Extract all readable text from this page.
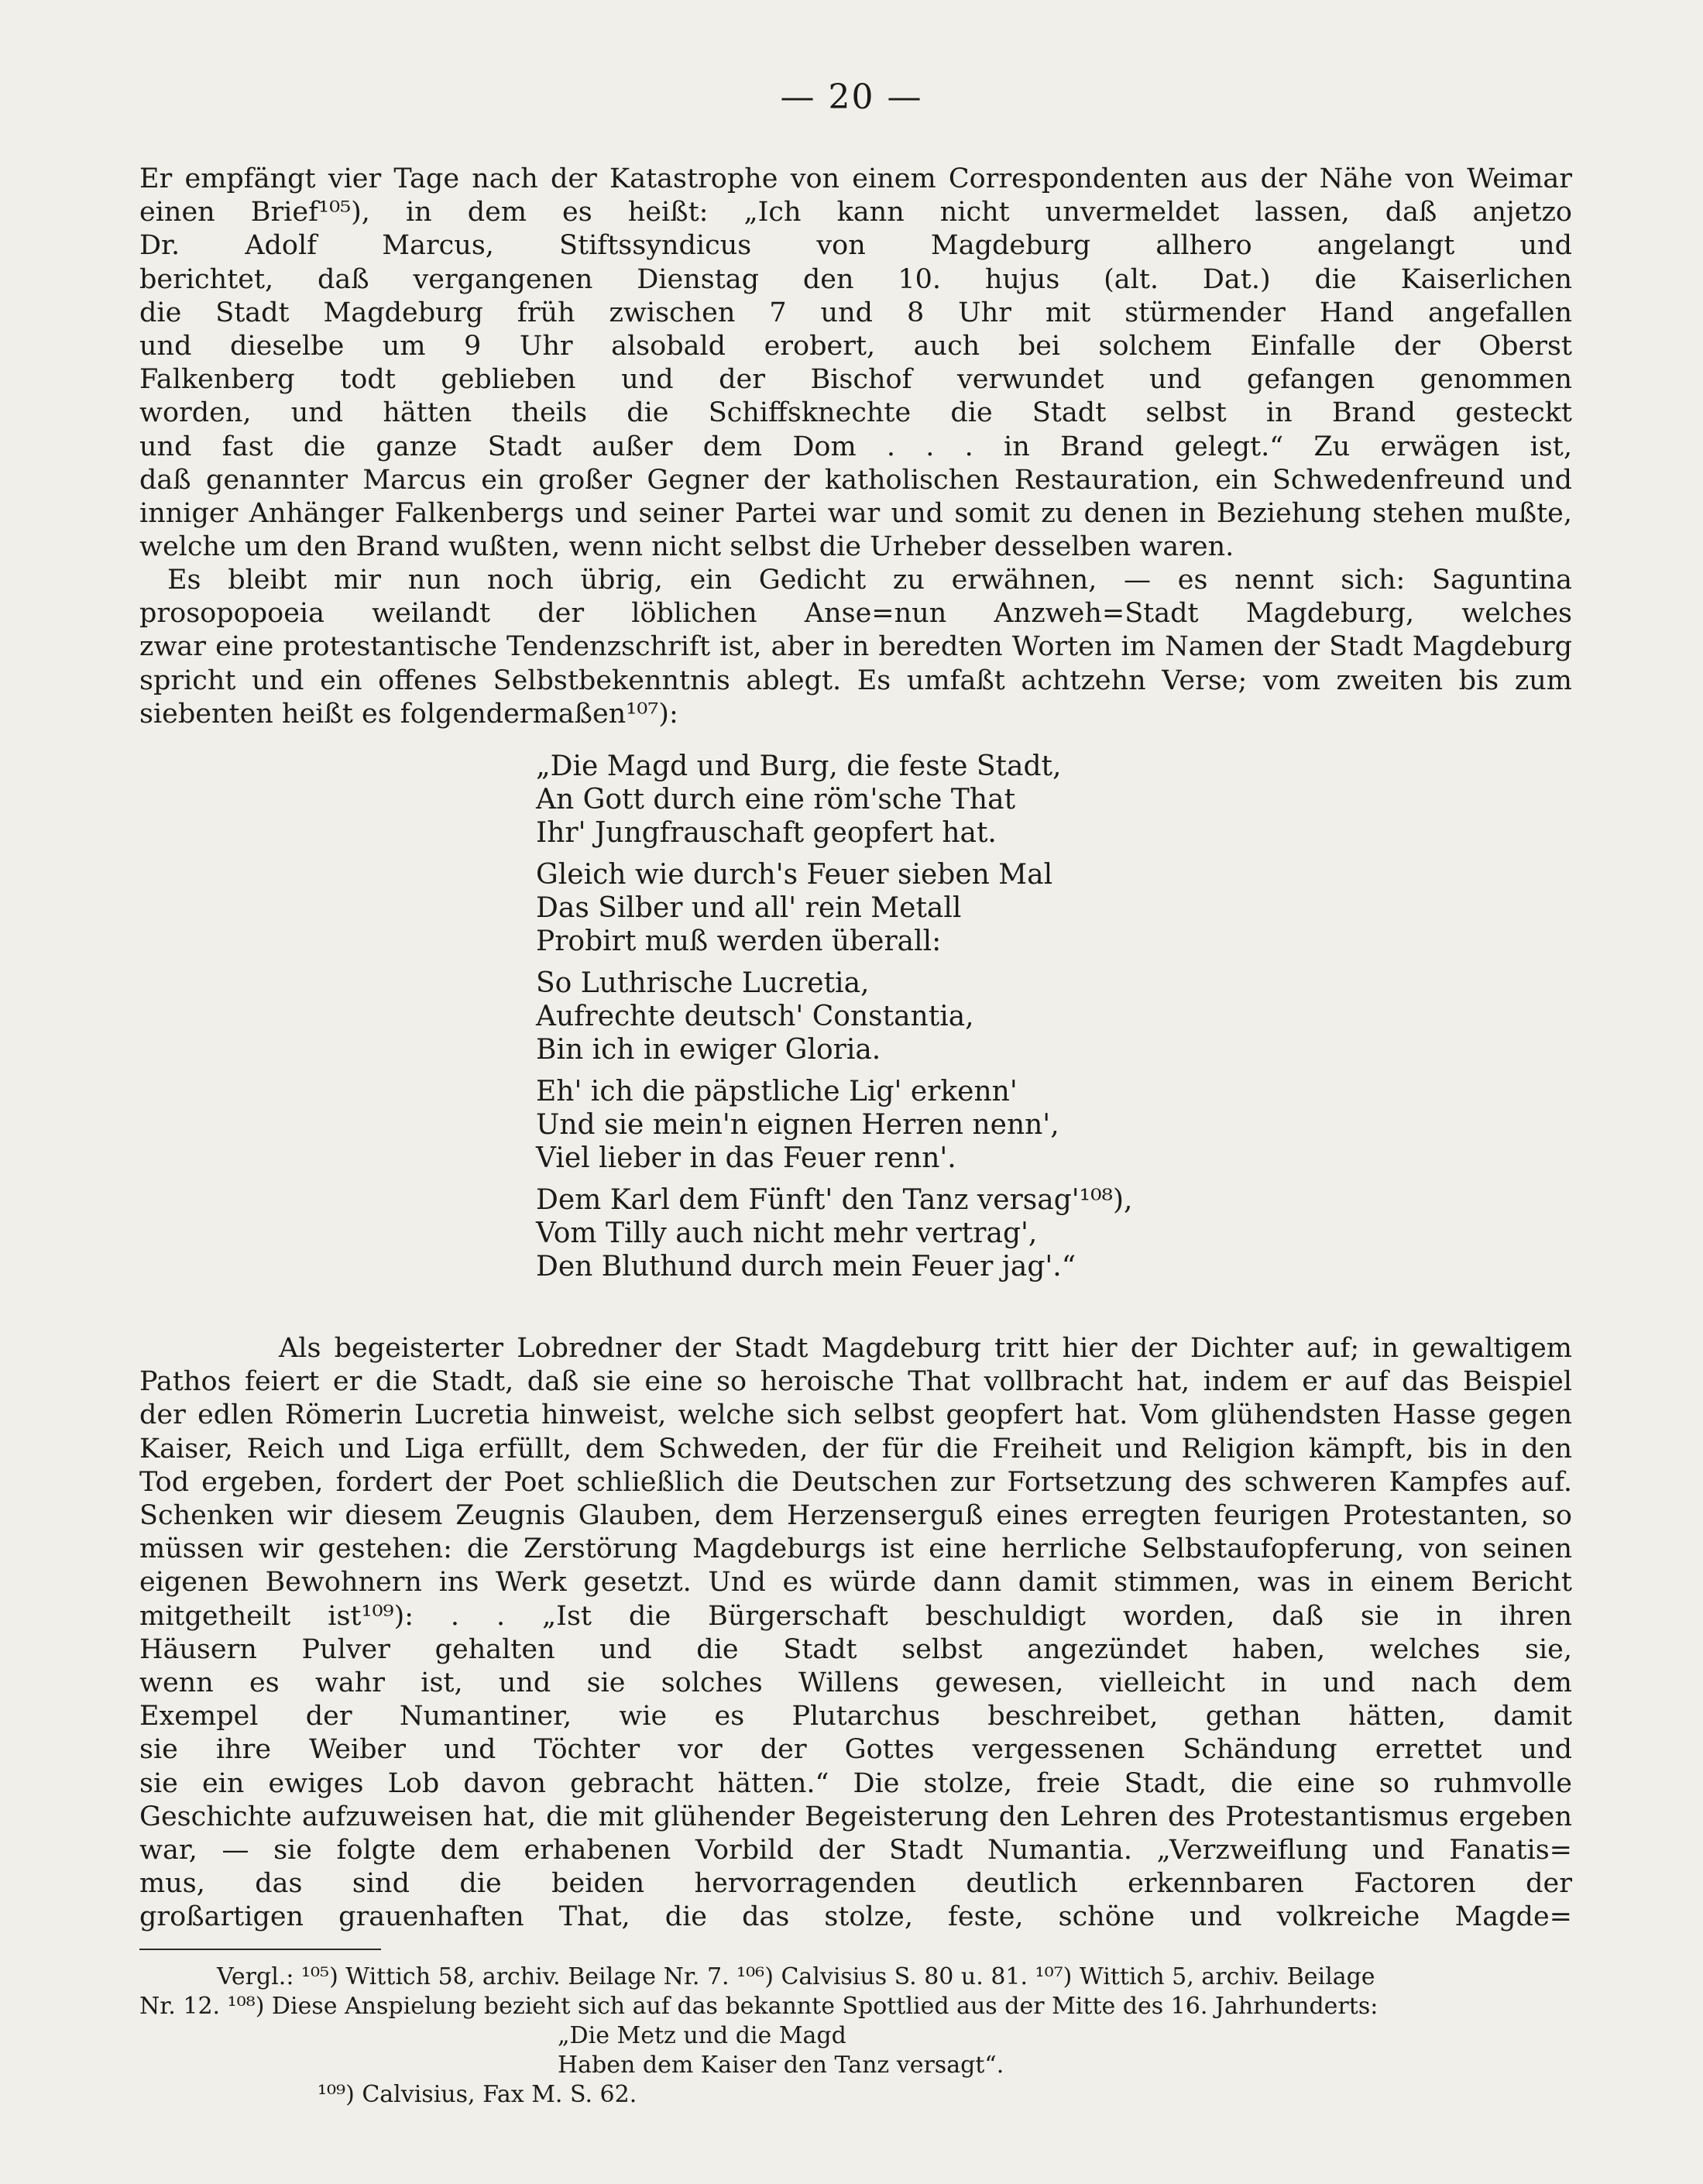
— 20 —
Er empfängt vier Tage nach der Katastrophe von einem Correspondenten aus der Nähe von Weimar
einen Brief¹⁰⁵), in dem es heißt: „Ich kann nicht unvermeldet lassen, daß anjetzo
Dr. Adolf Marcus, Stiftssyndicus von Magdeburg allhero angelangt und
berichtet, daß vergangenen Dienstag den 10. hujus (alt. Dat.) die Kaiserlichen
die Stadt Magdeburg früh zwischen 7 und 8 Uhr mit stürmender Hand angefallen
und dieselbe um 9 Uhr alsobald erobert, auch bei solchem Einfalle der Oberst
Falkenberg todt geblieben und der Bischof verwundet und gefangen genommen
worden, und hätten theils die Schiffsknechte die Stadt selbst in Brand gesteckt
und fast die ganze Stadt außer dem Dom . . . in Brand gelegt.“ Zu erwägen ist,
daß genannter Marcus ein großer Gegner der katholischen Restauration, ein Schwedenfreund und
inniger Anhänger Falkenbergs und seiner Partei war und somit zu denen in Beziehung stehen mußte,
welche um den Brand wußten, wenn nicht selbst die Urheber desselben waren.
Es bleibt mir nun noch übrig, ein Gedicht zu erwähnen, — es nennt sich: Saguntina
prosopopoeia weilandt der löblichen Anse=nun Anzweh=Stadt Magdeburg, welches
zwar eine protestantische Tendenzschrift ist, aber in beredten Worten im Namen der Stadt Magdeburg
spricht und ein offenes Selbstbekenntnis ablegt. Es umfaßt achtzehn Verse; vom zweiten bis zum
siebenten heißt es folgendermaßen¹⁰⁷):
„Die Magd und Burg, die feste Stadt,
An Gott durch eine röm'sche That
Ihr' Jungfrauschaft geopfert hat.
Gleich wie durch's Feuer sieben Mal
Das Silber und all' rein Metall
Probirt muß werden überall:
So Luthrische Lucretia,
Aufrechte deutsch' Constantia,
Bin ich in ewiger Gloria.
Eh' ich die päpstliche Lig' erkenn'
Und sie mein'n eignen Herren nenn',
Viel lieber in das Feuer renn'.
Dem Karl dem Fünft' den Tanz versag'¹⁰⁸),
Vom Tilly auch nicht mehr vertrag',
Den Bluthund durch mein Feuer jag'.“
Als begeisterter Lobredner der Stadt Magdeburg tritt hier der Dichter auf; in gewaltigem
Pathos feiert er die Stadt, daß sie eine so heroische That vollbracht hat, indem er auf das Beispiel
der edlen Römerin Lucretia hinweist, welche sich selbst geopfert hat. Vom glühendsten Hasse gegen
Kaiser, Reich und Liga erfüllt, dem Schweden, der für die Freiheit und Religion kämpft, bis in den
Tod ergeben, fordert der Poet schließlich die Deutschen zur Fortsetzung des schweren Kampfes auf.
Schenken wir diesem Zeugnis Glauben, dem Herzenserguß eines erregten feurigen Protestanten, so
müssen wir gestehen: die Zerstörung Magdeburgs ist eine herrliche Selbstaufopferung, von seinen
eigenen Bewohnern ins Werk gesetzt. Und es würde dann damit stimmen, was in einem Bericht
mitgetheilt ist¹⁰⁹): . . „Ist die Bürgerschaft beschuldigt worden, daß sie in ihren
Häusern Pulver gehalten und die Stadt selbst angezündet haben, welches sie,
wenn es wahr ist, und sie solches Willens gewesen, vielleicht in und nach dem
Exempel der Numantiner, wie es Plutarchus beschreibet, gethan hätten, damit
sie ihre Weiber und Töchter vor der Gottes vergessenen Schändung errettet und
sie ein ewiges Lob davon gebracht hätten.“ Die stolze, freie Stadt, die eine so ruhmvolle
Geschichte aufzuweisen hat, die mit glühender Begeisterung den Lehren des Protestantismus ergeben
war, — sie folgte dem erhabenen Vorbild der Stadt Numantia. „Verzweiflung und Fanatis=
mus, das sind die beiden hervorragenden deutlich erkennbaren Factoren der
großartigen grauenhaften That, die das stolze, feste, schöne und volkreiche Magde=
Vergl.: ¹⁰⁵) Wittich 58, archiv. Beilage Nr. 7. ¹⁰⁶) Calvisius S. 80 u. 81. ¹⁰⁷) Wittich 5, archiv. Beilage
Nr. 12. ¹⁰⁸) Diese Anspielung bezieht sich auf das bekannte Spottlied aus der Mitte des 16. Jahrhunderts:
„Die Metz und die Magd
Haben dem Kaiser den Tanz versagt“.
¹⁰⁹) Calvisius, Fax M. S. 62.
